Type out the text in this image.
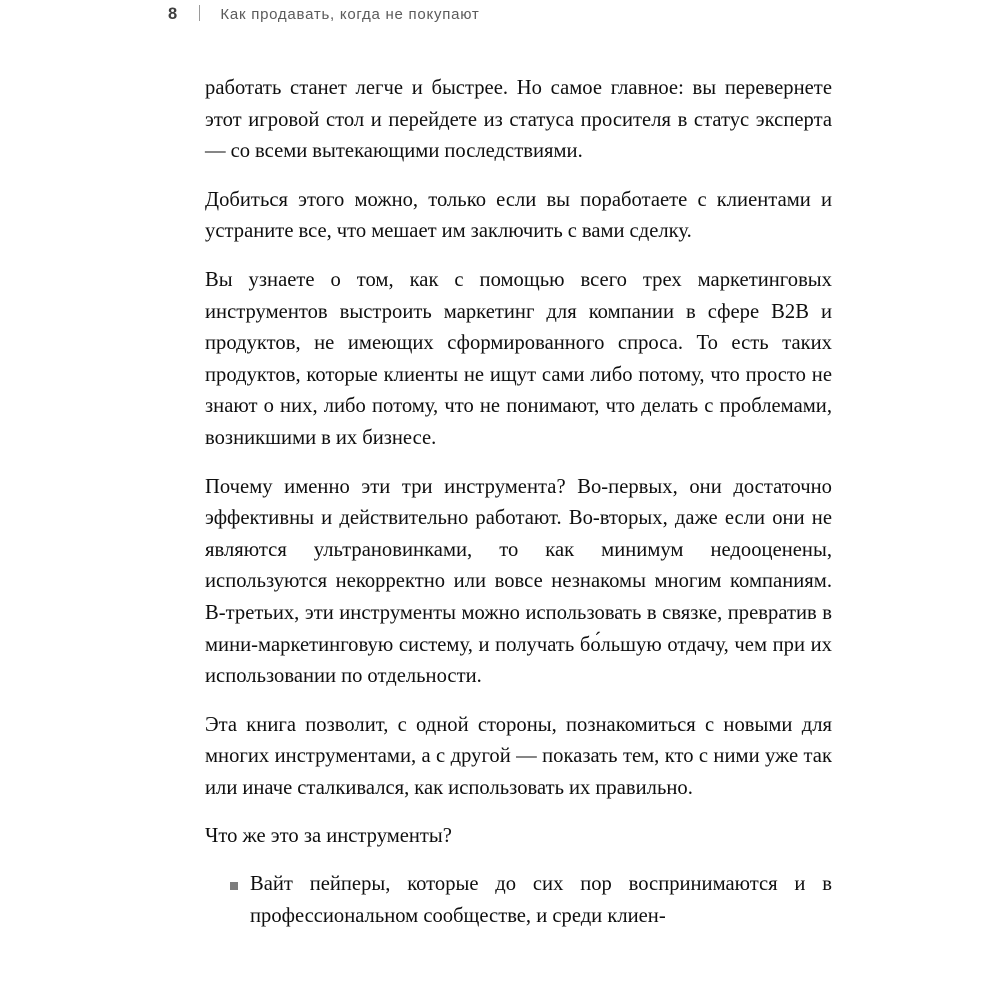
8	Как продавать, когда не покупают

работать станет легче и быстрее. Но самое главное: вы перевернете этот игровой стол и перейдете из статуса просителя в статус эксперта — со всеми вытекающими последствиями.

Добиться этого можно, только если вы поработаете с клиентами и устраните все, что мешает им заключить с вами сделку.

Вы узнаете о том, как с помощью всего трех маркетинговых инструментов выстроить маркетинг для компании в сфере B2B и продуктов, не имеющих сформированного спроса. То есть таких продуктов, которые клиенты не ищут сами либо потому, что просто не знают о них, либо потому, что не понимают, что делать с проблемами, возникшими в их бизнесе.

Почему именно эти три инструмента? Во-первых, они достаточно эффективны и действительно работают. Во-вторых, даже если они не являются ультрановинками, то как минимум недооценены, используются некорректно или вовсе незнакомы многим компаниям. В-третьих, эти инструменты можно использовать в связке, превратив в мини-маркетинговую систему, и получать бо́льшую отдачу, чем при их использовании по отдельности.

Эта книга позволит, с одной стороны, познакомиться с новыми для многих инструментами, а с другой — показать тем, кто с ними уже так или иначе сталкивался, как использовать их правильно.

Что же это за инструменты?

Вайт пейперы, которые до сих пор воспринимаются и в профессиональном сообществе, и среди клиен-
